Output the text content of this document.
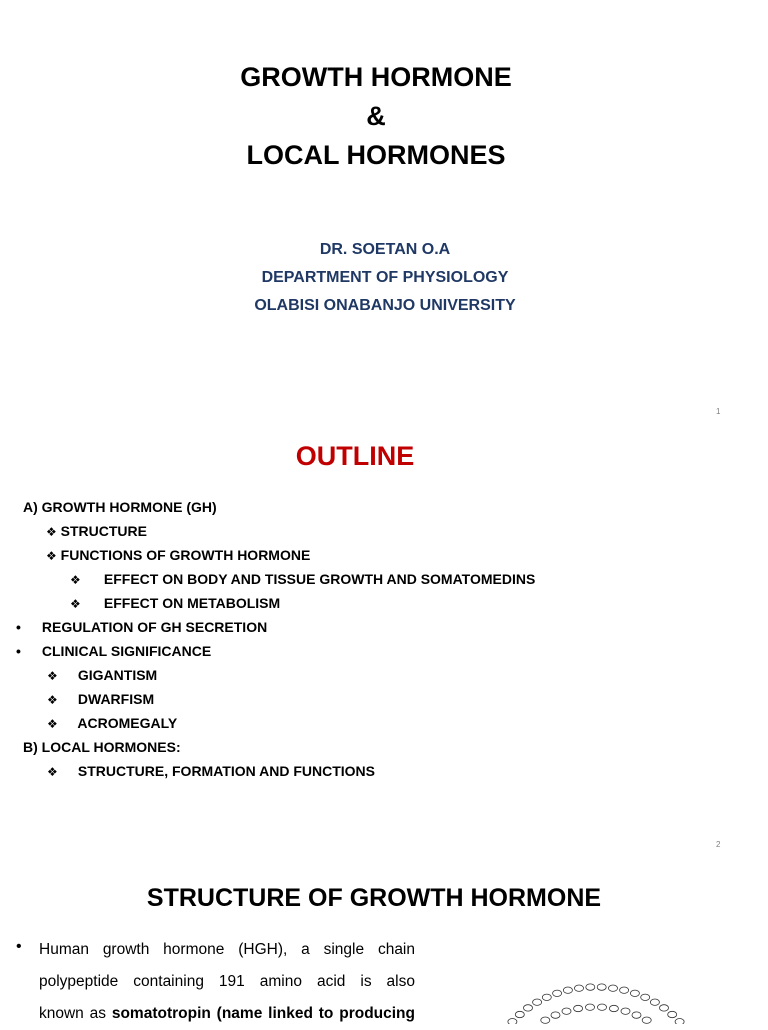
GROWTH HORMONE
&
LOCAL HORMONES
DR. SOETAN O.A
DEPARTMENT OF PHYSIOLOGY
OLABISI ONABANJO UNIVERSITY
1
OUTLINE
A) GROWTH HORMONE (GH)
❖ STRUCTURE
❖ FUNCTIONS OF GROWTH HORMONE
❖ EFFECT ON BODY AND TISSUE GROWTH AND SOMATOMEDINS
❖ EFFECT ON METABOLISM
• REGULATION OF GH SECRETION
• CLINICAL SIGNIFICANCE
❖ GIGANTISM
❖ DWARFISM
❖ ACROMEGALY
B) LOCAL HORMONES:
❖ STRUCTURE, FORMATION AND FUNCTIONS
2
STRUCTURE OF GROWTH HORMONE
• Human growth hormone (HGH), a single chain
polypeptide containing 191 amino acid is also
known as somatotropin (name linked to producing
